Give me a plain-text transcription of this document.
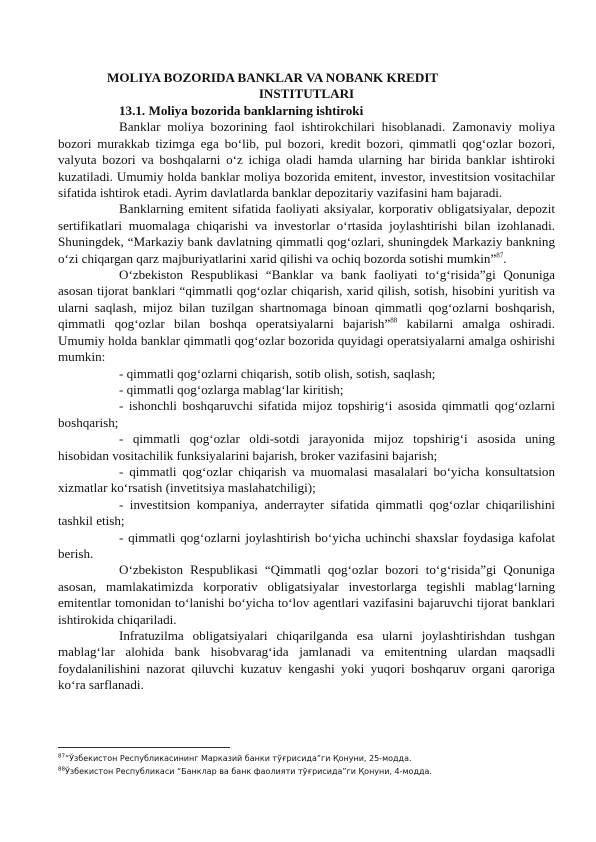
MOLIYA BOZORIDA BANKLAR VA NOBANK KREDIT
INSTITUTLARI

13.1. Moliya bozorida banklarning ishtiroki

Banklar moliya bozorining faol ishtirokchilari hisoblanadi. Zamonaviy moliya bozori murakkab tizimga ega bo‘lib, pul bozori, kredit bozori, qimmatli qog‘ozlar bozori, valyuta bozori va boshqalarni o‘z ichiga oladi hamda ularning har birida banklar ishtiroki kuzatiladi. Umumiy holda banklar moliya bozorida emitent, investor, investitsion vositachilar sifatida ishtirok etadi. Ayrim davlatlarda banklar depozitariy vazifasini ham bajaradi.

Banklarning emitent sifatida faoliyati aksiyalar, korporativ obligatsiyalar, depozit sertifikatlari muomalaga chiqarishi va investorlar o‘rtasida joylashtirishi bilan izohlanadi. Shuningdek, “Markaziy bank davlatning qimmatli qog‘ozlari, shuningdek Markaziy bankning o‘zi chiqargan qarz majburiyatlarini xarid qilishi va ochiq bozorda sotishi mumkin”$^{87}$.

O‘zbekiston Respublikasi “Banklar va bank faoliyati to‘g‘risida”gi Qonuniga asosan tijorat banklari “qimmatli qog‘ozlar chiqarish, xarid qilish, sotish, hisobini yuritish va ularni saqlash, mijoz bilan tuzilgan shartnomaga binoan qimmatli qog‘ozlarni boshqarish, qimmatli qog‘ozlar bilan boshqa operatsiyalarni bajarish”$^{88}$ kabilarni amalga oshiradi. Umumiy holda banklar qimmatli qog‘ozlar bozorida quyidagi operatsiyalarni amalga oshirishi mumkin:

- qimmatli qog‘ozlarni chiqarish, sotib olish, sotish, saqlash;

- qimmatli qog‘ozlarga mablag‘lar kiritish;

- ishonchli boshqaruvchi sifatida mijoz topshirig‘i asosida qimmatli qog‘ozlarni boshqarish;

- qimmatli qog‘ozlar oldi-sotdi jarayonida mijoz topshirig‘i asosida uning hisobidan vositachilik funksiyalarini bajarish, broker vazifasini bajarish;

- qimmatli qog‘ozlar chiqarish va muomalasi masalalari bo‘yicha konsultatsion xizmatlar ko‘rsatish (invetitsiya maslahatchiligi);

- investitsion kompaniya, anderrayter sifatida qimmatli qog‘ozlar chiqarilishini tashkil etish;

- qimmatli qog‘ozlarni joylashtirish bo‘yicha uchinchi shaxslar foydasiga kafolat berish.

O‘zbekiston Respublikasi “Qimmatli qog‘ozlar bozori to‘g‘risida”gi Qonuniga asosan, mamlakatimizda korporativ obligatsiyalar investorlarga tegishli mablag‘larning emitentlar tomonidan to‘lanishi bo‘yicha to‘lov agentlari vazifasini bajaruvchi tijorat banklari ishtirokida chiqariladi.

Infratuzilma obligatsiyalari chiqarilganda esa ularni joylashtirishdan tushgan mablag‘lar alohida bank hisobvarag‘ida jamlanadi va emitentning ulardan maqsadli foydalanilishini nazorat qiluvchi kuzatuv kengashi yoki yuqori boshqaruv organi qaroriga ko‘ra sarflanadi.

$^{87}$“Ўзбекистон Республикасининг Марказий банки тўғрисида”ги Қонуни, 25-модда.
$^{88}$Ўзбекистон Республикаси “Банклар ва банк фаолияти тўғрисида”ги Қонуни, 4-модда.
